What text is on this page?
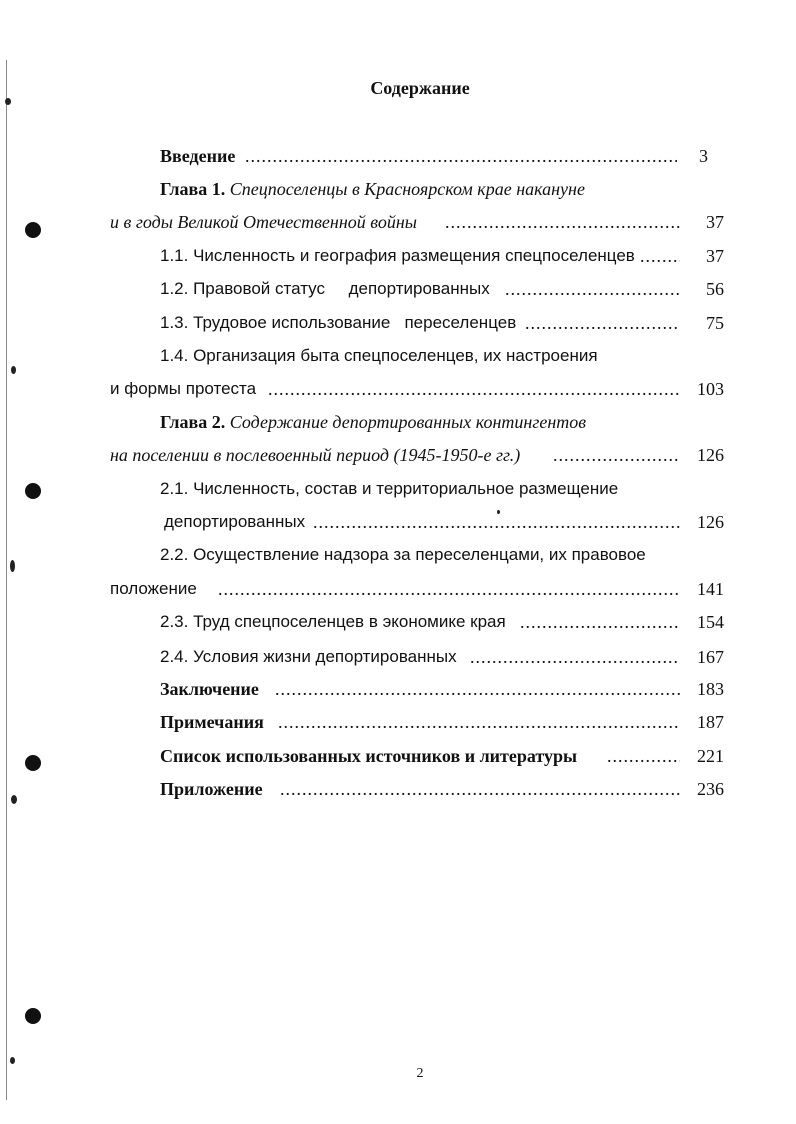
Содержание
Введение .....	3
Глава 1. Спецпоселенцы в Красноярском крае накануне
и в годы Великой Отечественной войны .....	37
1.1. Численность и география размещения спецпоселенцев .....	37
1.2. Правовой статус     депортированных .....	56
1.3. Трудовое использование   переселенцев .....	75
1.4. Организация быта спецпоселенцев, их настроения
и формы протеста .....	103
Глава 2. Содержание депортированных контингентов
на поселении в послевоенный период (1945-1950-е гг.) .....	126
2.1. Численность, состав и территориальное размещение
депортированных .....	126
2.2. Осуществление надзора за переселенцами, их правовое
положение .....	141
2.3. Труд спецпоселенцев в экономике края .....	154
2.4. Условия жизни депортированных .....	167
Заключение .....	183
Примечания .....	187
Список использованных источников и литературы .....	221
Приложение .....	236
2
